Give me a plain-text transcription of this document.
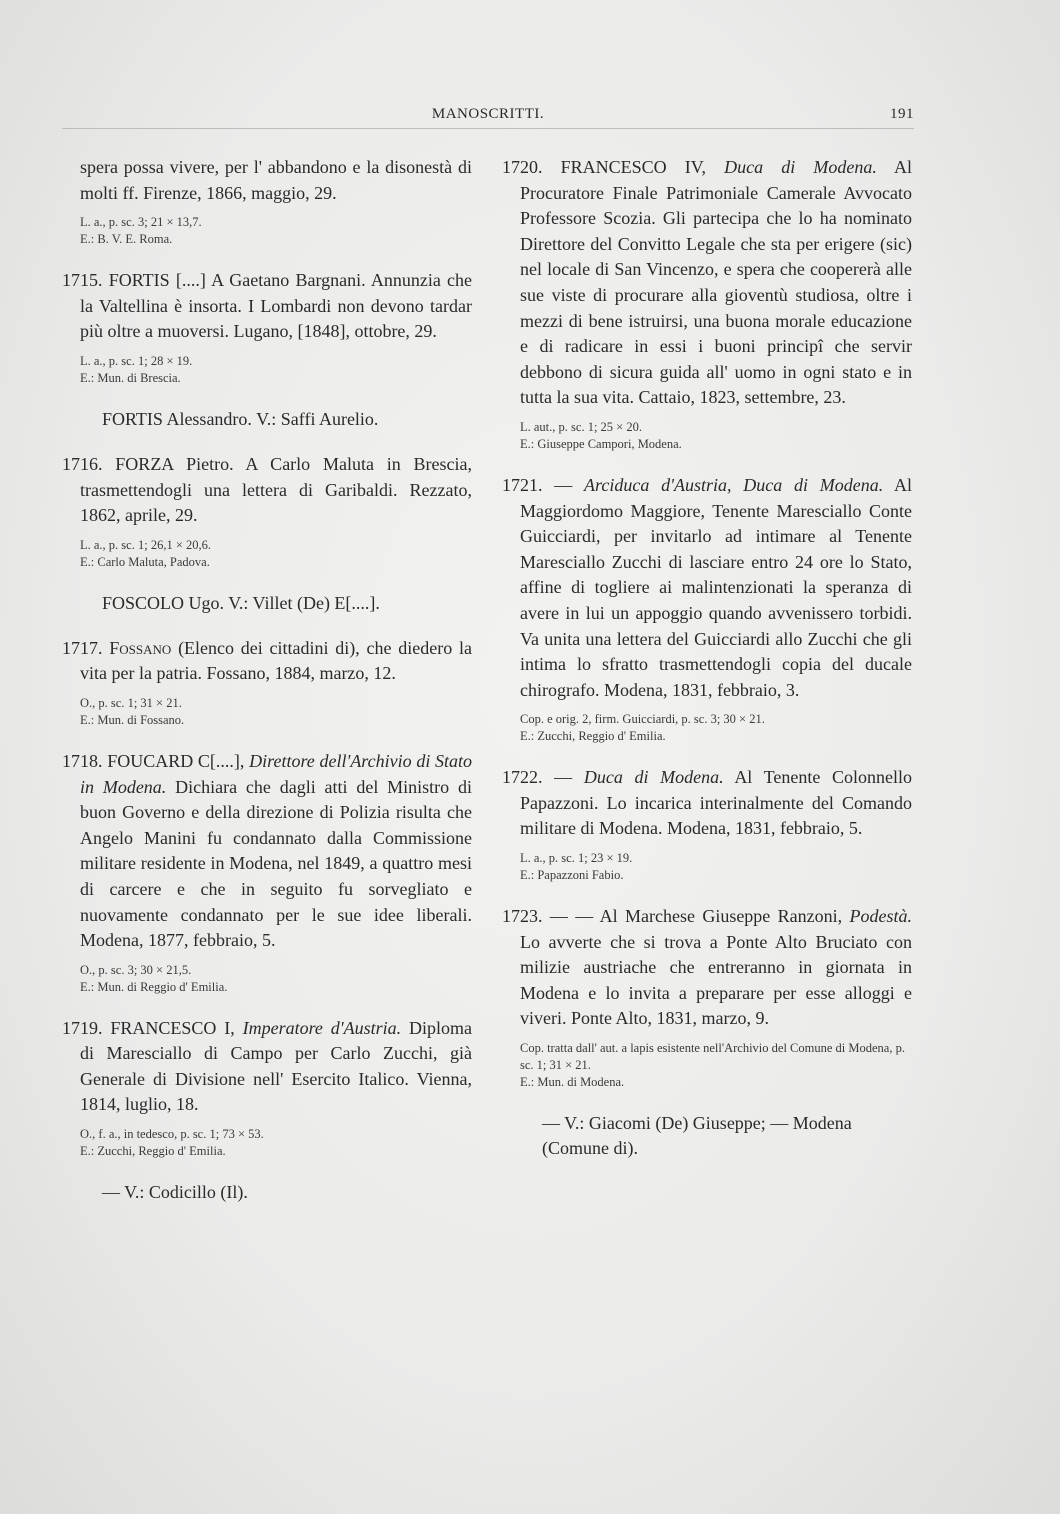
MANOSCRITTI.	191

spera possa vivere, per l' abbandono e la disonestà di molti ff. Firenze, 1866, maggio, 29.

L. a., p. sc. 3; 21 × 13,7.
E.: B. V. E. Roma.

1715. FORTIS [....] A Gaetano Bargnani. Annunzia che la Valtellina è insorta. I Lombardi non devono tardar più oltre a muoversi. Lugano, [1848], ottobre, 29.

L. a., p. sc. 1; 28 × 19.
E.: Mun. di Brescia.

FORTIS Alessandro. V.: Saffi Aurelio.

1716. FORZA Pietro. A Carlo Maluta in Brescia, trasmettendogli una lettera di Garibaldi. Rezzato, 1862, aprile, 29.

L. a., p. sc. 1; 26,1 × 20,6.
E.: Carlo Maluta, Padova.

FOSCOLO Ugo. V.: Villet (De) E[....].

1717. Fossano (Elenco dei cittadini di), che diedero la vita per la patria. Fossano, 1884, marzo, 12.

O., p. sc. 1; 31 × 21.
E.: Mun. di Fossano.

1718. FOUCARD C[....], Direttore dell'Archivio di Stato in Modena. Dichiara che dagli atti del Ministro di buon Governo e della direzione di Polizia risulta che Angelo Manini fu condannato dalla Commissione militare residente in Modena, nel 1849, a quattro mesi di carcere e che in seguito fu sorvegliato e nuovamente condannato per le sue idee liberali. Modena, 1877, febbraio, 5.

O., p. sc. 3; 30 × 21,5.
E.: Mun. di Reggio d' Emilia.

1719. FRANCESCO I, Imperatore d'Austria. Diploma di Maresciallo di Campo per Carlo Zucchi, già Generale di Divisione nell' Esercito Italico. Vienna, 1814, luglio, 18.

O., f. a., in tedesco, p. sc. 1; 73 × 53.
E.: Zucchi, Reggio d' Emilia.

— V.: Codicillo (Il).

1720. FRANCESCO IV, Duca di Modena. Al Procuratore Finale Patrimoniale Camerale Avvocato Professore Scozia. Gli partecipa che lo ha nominato Direttore del Convitto Legale che sta per erigere (sic) nel locale di San Vincenzo, e spera che coopererà alle sue viste di procurare alla gioventù studiosa, oltre i mezzi di bene istruirsi, una buona morale educazione e di radicare in essi i buoni principî che servir debbono di sicura guida all' uomo in ogni stato e in tutta la sua vita. Cattaio, 1823, settembre, 23.

L. aut., p. sc. 1; 25 × 20.
E.: Giuseppe Campori, Modena.

1721. — Arciduca d'Austria, Duca di Modena. Al Maggiordomo Maggiore, Tenente Maresciallo Conte Guicciardi, per invitarlo ad intimare al Tenente Maresciallo Zucchi di lasciare entro 24 ore lo Stato, affine di togliere ai malintenzionati la speranza di avere in lui un appoggio quando avvenissero torbidi. Va unita una lettera del Guicciardi allo Zucchi che gli intima lo sfratto trasmettendogli copia del ducale chirografo. Modena, 1831, febbraio, 3.

Cop. e orig. 2, firm. Guicciardi, p. sc. 3; 30 × 21.
E.: Zucchi, Reggio d' Emilia.

1722. — Duca di Modena. Al Tenente Colonnello Papazzoni. Lo incarica interinalmente del Comando militare di Modena. Modena, 1831, febbraio, 5.

L. a., p. sc. 1; 23 × 19.
E.: Papazzoni Fabio.

1723. — — Al Marchese Giuseppe Ranzoni, Podestà. Lo avverte che si trova a Ponte Alto Bruciato con milizie austriache che entreranno in giornata in Modena e lo invita a preparare per esse alloggi e viveri. Ponte Alto, 1831, marzo, 9.

Cop. tratta dall' aut. a lapis esistente nell'Archivio del Comune di Modena, p. sc. 1; 31 × 21.
E.: Mun. di Modena.

— V.: Giacomi (De) Giuseppe; — Modena (Comune di).
